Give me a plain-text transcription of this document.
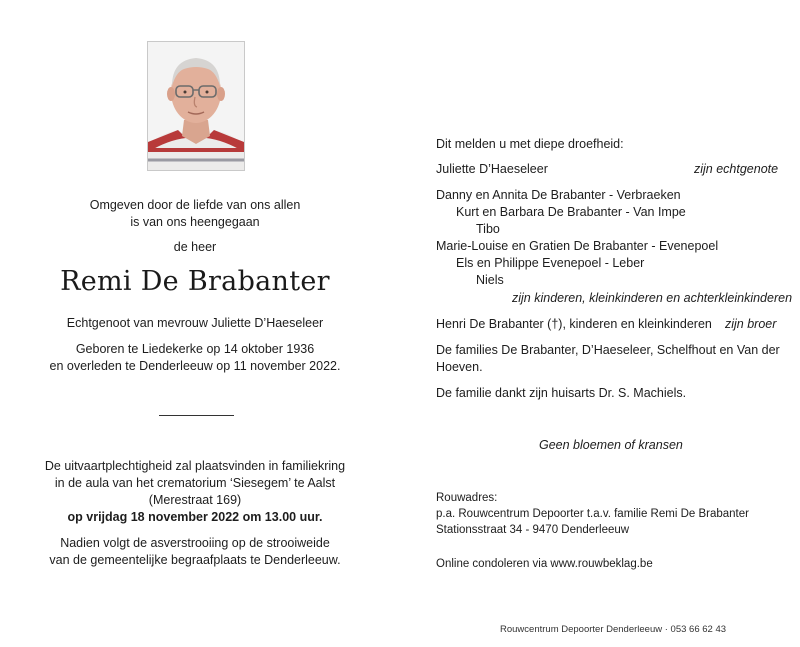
Omgeven door de liefde van ons allen
is van ons heengegaan
de heer
Remi De Brabanter
Echtgenoot van mevrouw Juliette D’Haeseleer
Geboren te Liedekerke op 14 oktober 1936
en overleden te Denderleeuw op 11 november 2022.
De uitvaartplechtigheid zal plaatsvinden in familiekring
in de aula van het crematorium ‘Siesegem’ te Aalst
(Merestraat 169)
op vrijdag 18 november 2022 om 13.00 uur.
Nadien volgt de asverstrooiing op de strooiweide
van de gemeentelijke begraafplaats te Denderleeuw.
Dit melden u met diepe droefheid:
Juliette D’Haeseleer	zijn echtgenote
Danny en Annita De Brabanter - Verbraeken
Kurt en Barbara De Brabanter - Van Impe
Tibo
Marie-Louise en Gratien De Brabanter - Evenepoel
Els en Philippe Evenepoel - Leber
Niels
zijn kinderen, kleinkinderen en achterkleinkinderen
Henri De Brabanter (†), kinderen en kleinkinderen zijn broer
De families De Brabanter, D’Haeseleer, Schelfhout en Van der
Hoeven.
De familie dankt zijn huisarts Dr. S. Machiels.
Geen bloemen of kransen
Rouwadres:
p.a. Rouwcentrum Depoorter t.a.v. familie Remi De Brabanter
Stationsstraat 34 - 9470 Denderleeuw
Online condoleren via www.rouwbeklag.be
Rouwcentrum Depoorter Denderleeuw · 053 66 62 43
